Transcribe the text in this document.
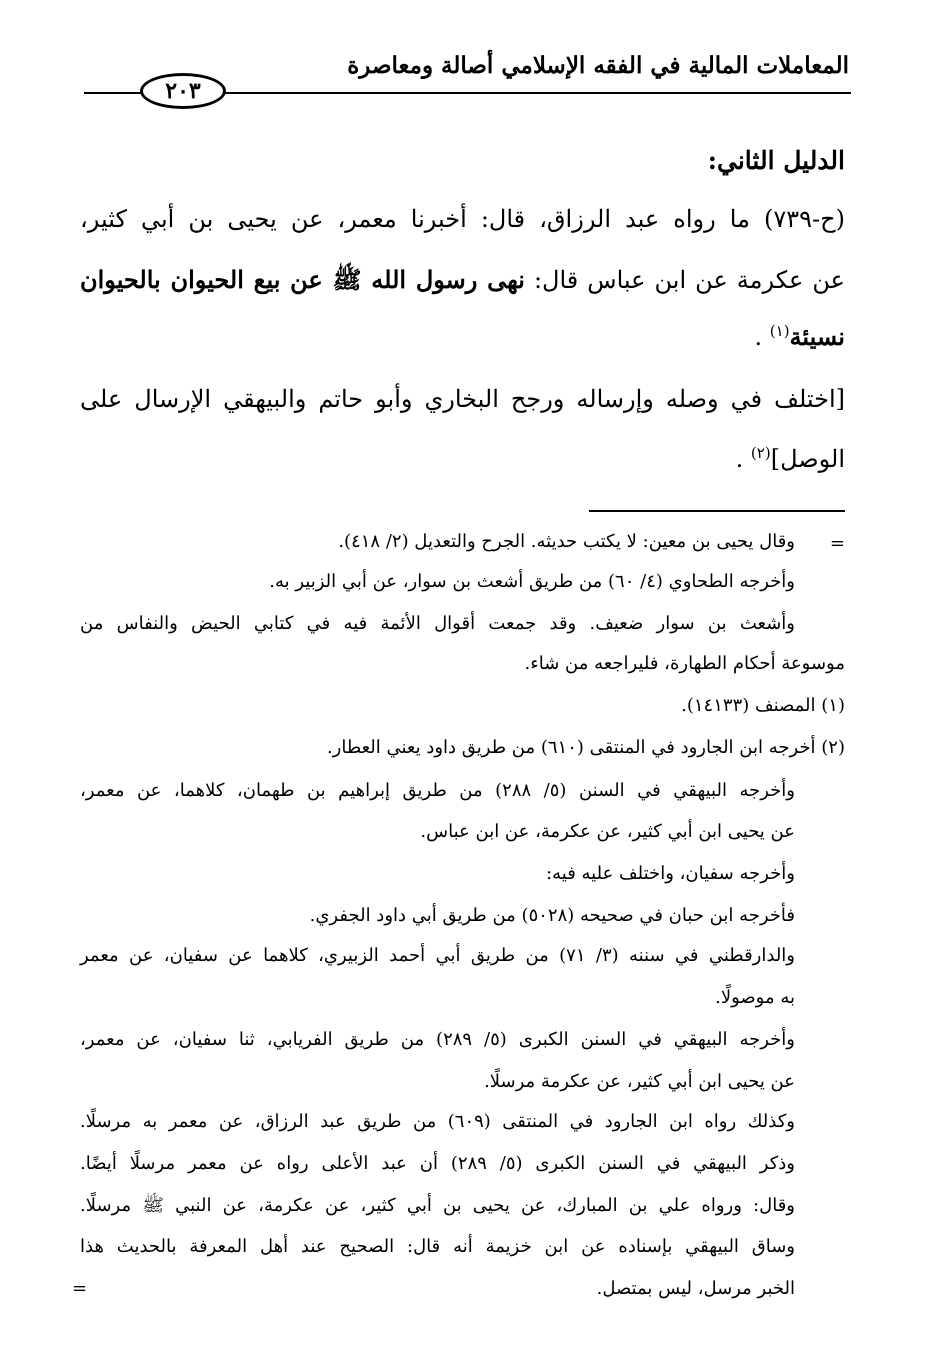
المعاملات المالية في الفقه الإسلامي أصالة ومعاصرة
٢٠٣
الدليل الثاني:
(ح-٧٣٩) ما رواه عبد الرزاق، قال: أخبرنا معمر، عن يحيى بن أبي كثير،
عن عكرمة عن ابن عباس قال: نهى رسول الله ﷺ عن بيع الحيوان بالحيوان
نسيئة$^{(١)}$ .
[اختلف في وصله وإرساله ورجح البخاري وأبو حاتم والبيهقي الإرسال على
الوصل]$^{(٢)}$ .
=
وقال يحيى بن معين: لا يكتب حديثه. الجرح والتعديل (٢/ ٤١٨).
وأخرجه الطحاوي (٤/ ٦٠) من طريق أشعث بن سوار، عن أبي الزبير به.
وأشعث بن سوار ضعيف. وقد جمعت أقوال الأئمة فيه في كتابي الحيض والنفاس من
موسوعة أحكام الطهارة، فليراجعه من شاء.
(١) المصنف (١٤١٣٣).
(٢) أخرجه ابن الجارود في المنتقى (٦١٠) من طريق داود يعني العطار.
وأخرجه البيهقي في السنن (٥/ ٢٨٨) من طريق إبراهيم بن طهمان، كلاهما، عن معمر،
عن يحيى ابن أبي كثير، عن عكرمة، عن ابن عباس.
وأخرجه سفيان، واختلف عليه فيه:
فأخرجه ابن حبان في صحيحه (٥٠٢٨) من طريق أبي داود الجفري.
والدارقطني في سننه (٣/ ٧١) من طريق أبي أحمد الزبيري، كلاهما عن سفيان، عن معمر
به موصولًا.
وأخرجه البيهقي في السنن الكبرى (٥/ ٢٨٩) من طريق الفريابي، ثنا سفيان، عن معمر،
عن يحيى ابن أبي كثير، عن عكرمة مرسلًا.
وكذلك رواه ابن الجارود في المنتقى (٦٠٩) من طريق عبد الرزاق، عن معمر به مرسلًا.
وذكر البيهقي في السنن الكبرى (٥/ ٢٨٩) أن عبد الأعلى رواه عن معمر مرسلًا أيضًا.
وقال: ورواه علي بن المبارك، عن يحيى بن أبي كثير، عن عكرمة، عن النبي ﷺ مرسلًا.
وساق البيهقي بإسناده عن ابن خزيمة أنه قال: الصحيح عند أهل المعرفة بالحديث هذا
الخبر مرسل، ليس بمتصل.
=
